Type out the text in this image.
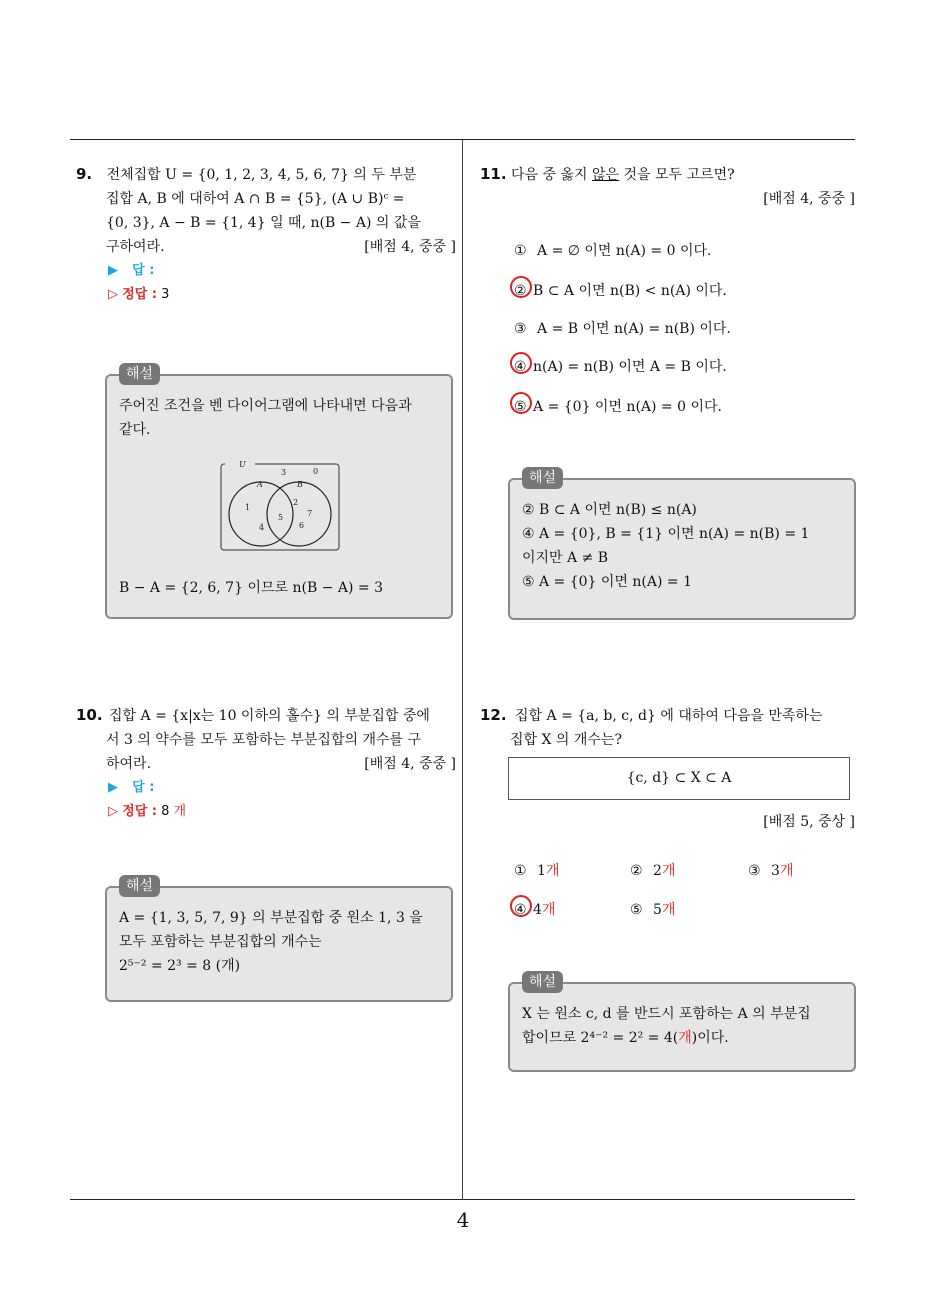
9. 전체집합 U = {0, 1, 2, 3, 4, 5, 6, 7} 의 두 부분
집합 A, B 에 대하여 A ∩ B = {5}, (A ∪ B)ᶜ =
{0, 3}, A − B = {1, 4} 일 때, n(B − A) 의 값을
구하여라.	[배점 4, 중중 ]
▶ 답 :
▷ 정답 : 3
해설
주어진 조건을 벤 다이어그램에 나타내면 다음과
같다.
U
A	B
3	0
1
4
5
2
7
6
B − A = {2, 6, 7} 이므로 n(B − A) = 3
10. 집합 A = {x|x는 10 이하의 홀수} 의 부분집합 중에
서 3 의 약수를 모두 포함하는 부분집합의 개수를 구
하여라.	[배점 4, 중중 ]
▶ 답 :
▷ 정답 : 8 개
해설
A = {1, 3, 5, 7, 9} 의 부분집합 중 원소 1, 3 을
모두 포함하는 부분집합의 개수는
2⁵⁻² = 2³ = 8 (개)
11. 다음 중 옳지 않은 것을 모두 고르면?
[배점 4, 중중 ]
① A = ∅ 이면 n(A) = 0 이다.
② B ⊂ A 이면 n(B) < n(A) 이다.
③ A = B 이면 n(A) = n(B) 이다.
④ n(A) = n(B) 이면 A = B 이다.
⑤ A = {0} 이면 n(A) = 0 이다.
해설
② B ⊂ A 이면 n(B) ≤ n(A)
④ A = {0}, B = {1} 이면 n(A) = n(B) = 1
이지만 A ≠ B
⑤ A = {0} 이면 n(A) = 1
12. 집합 A = {a, b, c, d} 에 대하여 다음을 만족하는
집합 X 의 개수는?
{c, d} ⊂ X ⊂ A
[배점 5, 중상 ]
① 1개	② 2개	③ 3개
④ 4개	⑤ 5개
해설
X 는 원소 c, d 를 반드시 포함하는 A 의 부분집
합이므로 2⁴⁻² = 2² = 4(개)이다.
4
